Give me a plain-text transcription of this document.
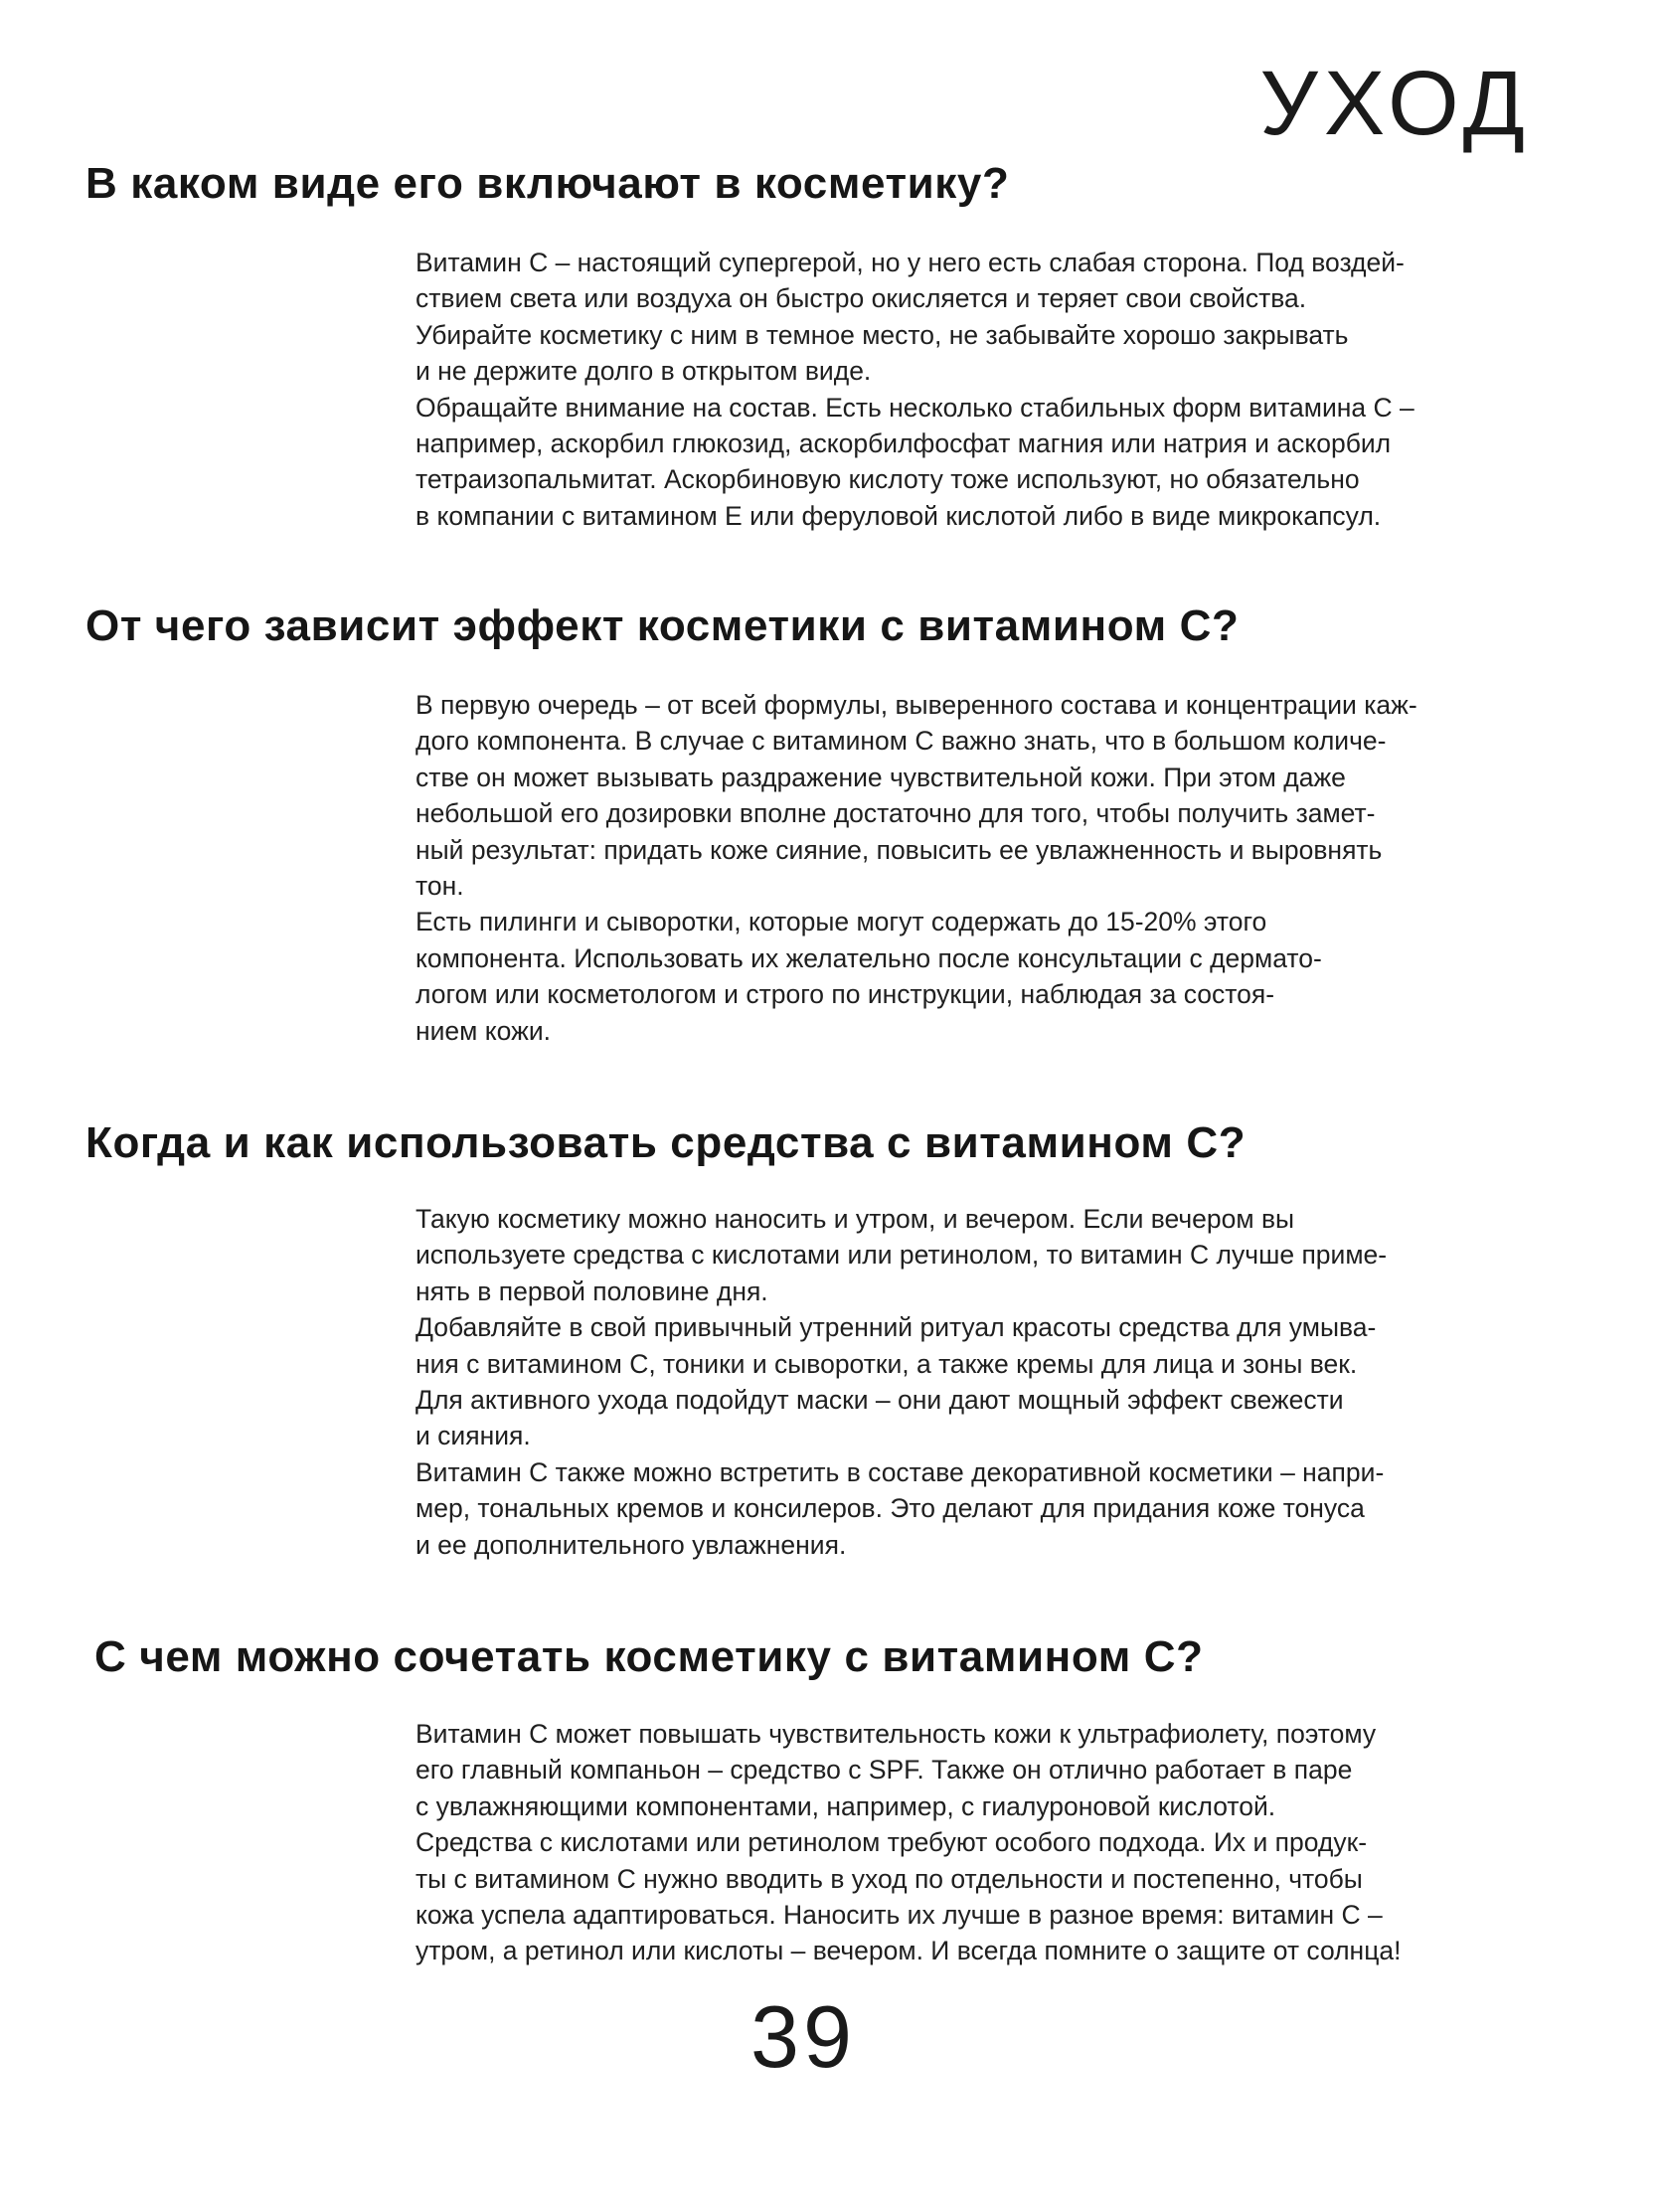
УХОД
В каком виде его включают в косметику?
Витамин С – настоящий супергерой, но у него есть слабая сторона. Под воздей-
ствием света или воздуха он быстро окисляется и теряет свои свойства.
Убирайте косметику с ним в темное место, не забывайте хорошо закрывать
и не держите долго в открытом виде.
Обращайте внимание на состав. Есть несколько стабильных форм витамина С –
например, аскорбил глюкозид, аскорбилфосфат магния или натрия и аскорбил
тетраизопальмитат. Аскорбиновую кислоту тоже используют, но обязательно
в компании с витамином Е или феруловой кислотой либо в виде микрокапсул.
От чего зависит эффект косметики с витамином С?
В первую очередь – от всей формулы, выверенного состава и концентрации каж-
дого компонента. В случае с витамином С важно знать, что в большом количе-
стве он может вызывать раздражение чувствительной кожи. При этом даже
небольшой его дозировки вполне достаточно для того, чтобы получить замет-
ный результат: придать коже сияние, повысить ее увлажненность и выровнять
тон.
Есть пилинги и сыворотки, которые могут содержать до 15-20% этого
компонента. Использовать их желательно после консультации с дермато-
логом или косметологом и строго по инструкции, наблюдая за состоя-
нием кожи.
Когда и как использовать средства с витамином С?
Такую косметику можно наносить и утром, и вечером. Если вечером вы
используете средства с кислотами или ретинолом, то витамин С лучше приме-
нять в первой половине дня.
Добавляйте в свой привычный утренний ритуал красоты средства для умыва-
ния с витамином С, тоники и сыворотки, а также кремы для лица и зоны век.
Для активного ухода подойдут маски – они дают мощный эффект свежести
и сияния.
Витамин С также можно встретить в составе декоративной косметики – напри-
мер, тональных кремов и консилеров. Это делают для придания коже тонуса
и ее дополнительного увлажнения.
С чем можно сочетать косметику с витамином С?
Витамин С может повышать чувствительность кожи к ультрафиолету, поэтому
его главный компаньон – средство с SPF. Также он отлично работает в паре
с увлажняющими компонентами, например, с гиалуроновой кислотой.
Средства с кислотами или ретинолом требуют особого подхода. Их и продук-
ты с витамином С нужно вводить в уход по отдельности и постепенно, чтобы
кожа успела адаптироваться. Наносить их лучше в разное время: витамин С –
утром, а ретинол или кислоты – вечером. И всегда помните о защите от солнца!
39
